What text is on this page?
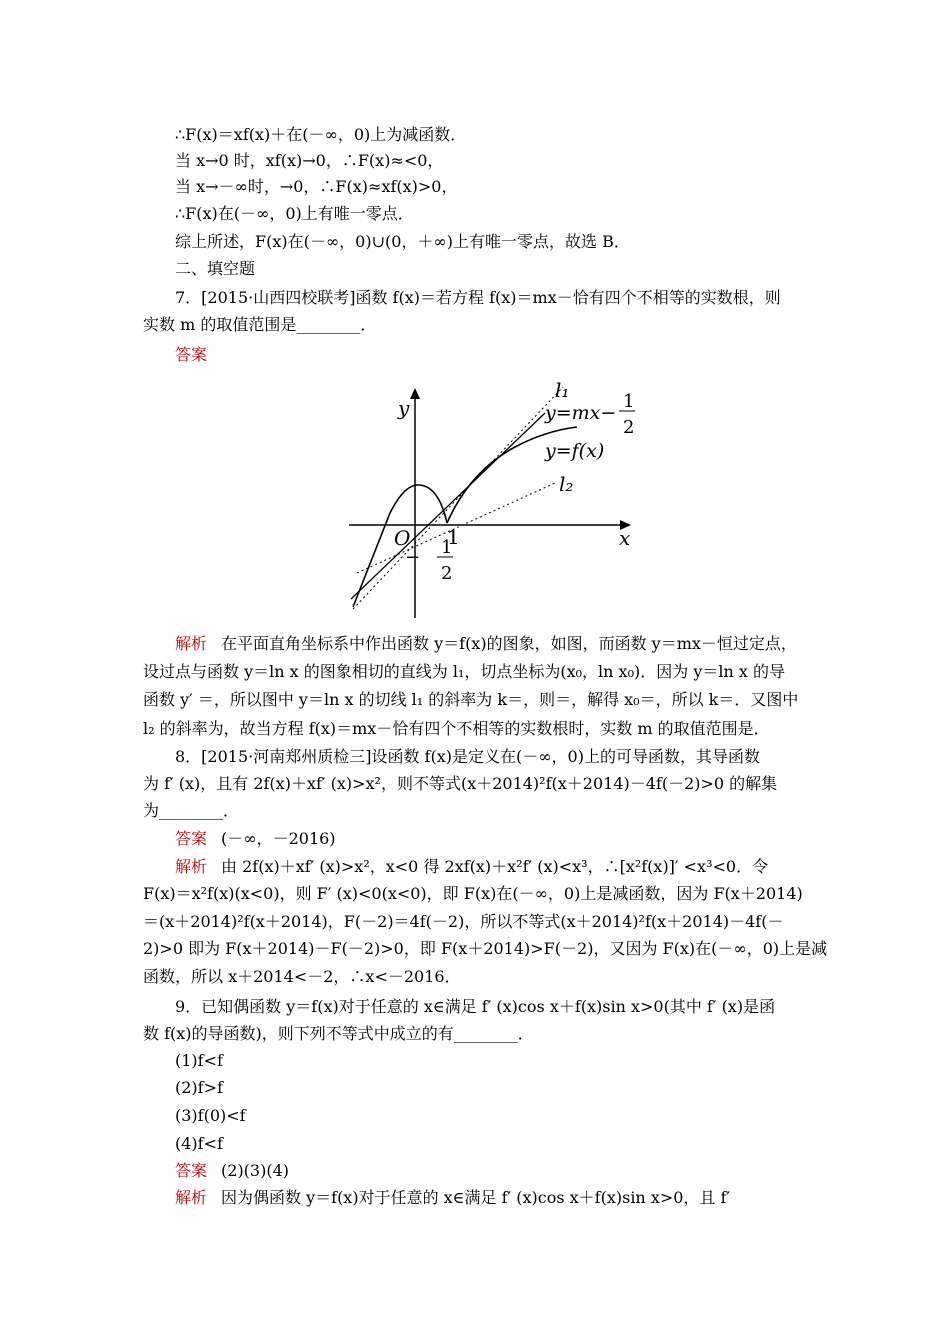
∴F(x)＝xf(x)＋在(－∞，0)上为减函数．
当 x→0 时，xf(x)→0，∴F(x)≈<0，
当 x→－∞时，→0，∴F(x)≈xf(x)>0，
∴F(x)在(－∞，0)上有唯一零点．
综上所述，F(x)在(－∞，0)∪(0，＋∞)上有唯一零点，故选 B．
二、填空题
7．[2015·山西四校联考]函数 f(x)＝若方程 f(x)＝mx－恰有四个不相等的实数根，则
实数 m 的取值范围是________．
答案
y
x
O 1
− 1
2
l₁
y=mx−
1
2
y=f(x)
l₂
解析 在平面直角坐标系中作出函数 y＝f(x)的图象，如图，而函数 y＝mx－恒过定点，
设过点与函数 y＝ln x 的图象相切的直线为 l₁，切点坐标为(x₀，ln x₀)．因为 y＝ln x 的导
函数 y′ ＝，所以图中 y＝ln x 的切线 l₁ 的斜率为 k＝，则＝，解得 x₀＝，所以 k＝．又图中
l₂ 的斜率为，故当方程 f(x)＝mx－恰有四个不相等的实数根时，实数 m 的取值范围是．
8．[2015·河南郑州质检三]设函数 f(x)是定义在(－∞，0)上的可导函数，其导函数
为 f′ (x)，且有 2f(x)＋xf′ (x)>x²，则不等式(x＋2014)²f(x＋2014)－4f(－2)>0 的解集
为________．
答案 (－∞，－2016)
解析 由 2f(x)＋xf′ (x)>x²，x<0 得 2xf(x)＋x²f′ (x)<x³，∴[x²f(x)]′ <x³<0．令
F(x)＝x²f(x)(x<0)，则 F′ (x)<0(x<0)，即 F(x)在(－∞，0)上是减函数，因为 F(x＋2014)
＝(x＋2014)²f(x＋2014)，F(－2)＝4f(－2)，所以不等式(x＋2014)²f(x＋2014)－4f(－
2)>0 即为 F(x＋2014)－F(－2)>0，即 F(x＋2014)>F(－2)，又因为 F(x)在(－∞，0)上是减
函数，所以 x＋2014<－2，∴x<－2016．
9．已知偶函数 y＝f(x)对于任意的 x∈满足 f′ (x)cos x＋f(x)sin x>0(其中 f′ (x)是函
数 f(x)的导函数)，则下列不等式中成立的有________．
(1)f<f
(2)f>f
(3)f(0)<f
(4)f<f
答案 (2)(3)(4)
解析 因为偶函数 y＝f(x)对于任意的 x∈满足 f′ (x)cos x＋f(x)sin x>0，且 f′
